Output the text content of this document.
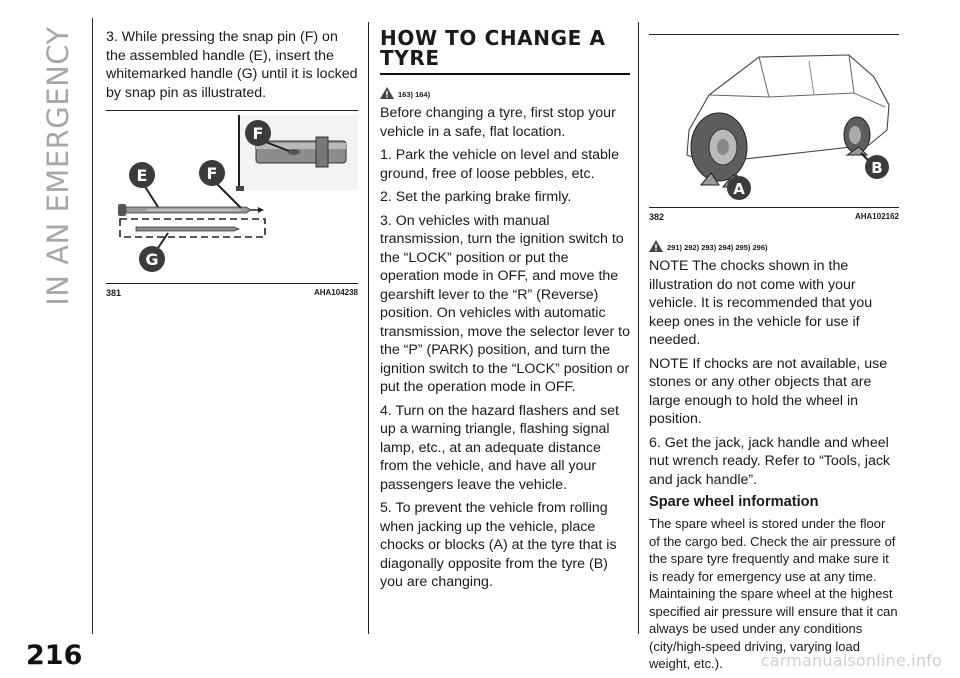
IN AN EMERGENCY 3. While pressing the snap pin (F) on the assembled handle (E), insert the whitemarked handle (G) until it is locked by snap pin as illustrated.

F
E	F
G
381	AHA104238
HOW TO CHANGE A TYRE
163) 164)

Before changing a tyre, first stop your vehicle in a safe, flat location.

1. Park the vehicle on level and stable ground, free of loose pebbles, etc.

2. Set the parking brake firmly.

3. On vehicles with manual transmission, turn the ignition switch to the “LOCK” position or put the operation mode in OFF, and move the gearshift lever to the “R” (Reverse) position. On vehicles with automatic transmission, move the selector lever to the “P” (PARK) position, and turn the ignition switch to the “LOCK” position or put the operation mode in OFF.

4. Turn on the hazard flashers and set up a warning triangle, flashing signal lamp, etc., at an adequate distance from the vehicle, and have all your passengers leave the vehicle.

5. To prevent the vehicle from rolling when jacking up the vehicle, place chocks or blocks (A) at the tyre that is diagonally opposite from the tyre (B) you are changing.

A
B
382	AHA102162
291) 292) 293) 294) 295) 296)

NOTE The chocks shown in the illustration do not come with your vehicle. It is recommended that you keep ones in the vehicle for use if needed.

NOTE If chocks are not available, use stones or any other objects that are large enough to hold the wheel in position.

6. Get the jack, jack handle and wheel nut wrench ready. Refer to “Tools, jack and jack handle”.

Spare wheel information

The spare wheel is stored under the floor of the cargo bed. Check the air pressure of the spare tyre frequently and make sure it is ready for emergency use at any time. Maintaining the spare wheel at the highest specified air pressure will ensure that it can always be used under any conditions (city/high-speed driving, varying load weight, etc.).

216	carmanualsonline.info
